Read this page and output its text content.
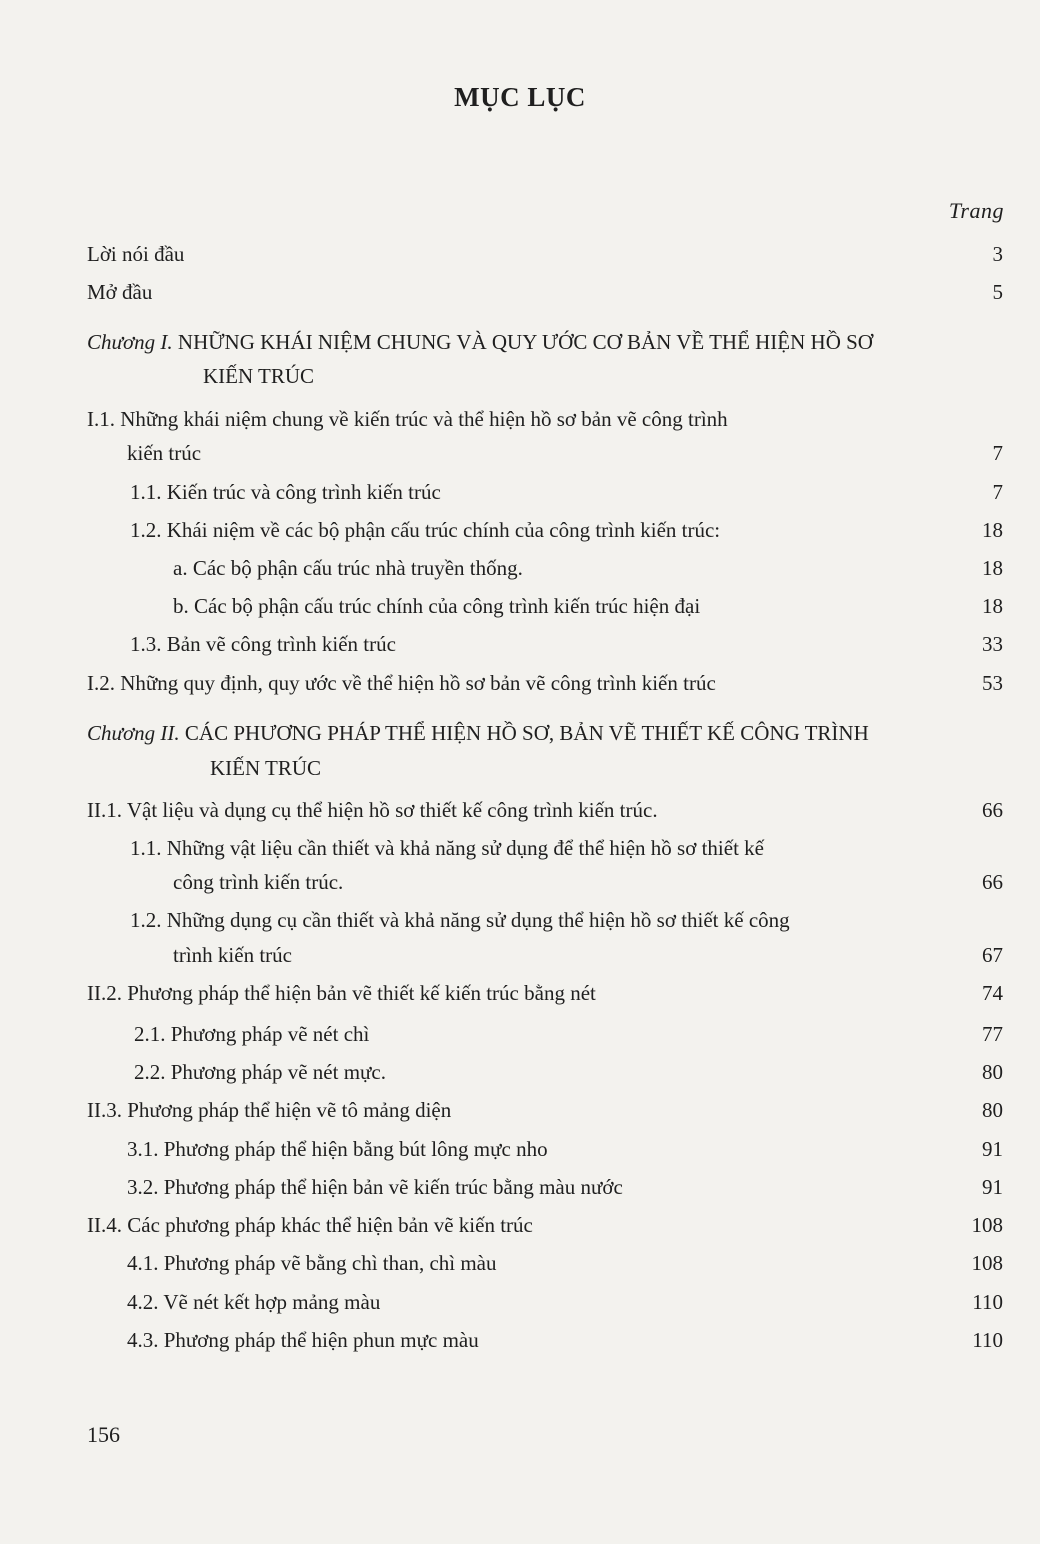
MỤC LỤC
Trang
Lời nói đầu	3
Mở đầu	5
Chương I. NHỮNG KHÁI NIỆM CHUNG VÀ QUY ƯỚC CƠ BẢN VỀ THỂ HIỆN HỒ SƠ
KIẾN TRÚC
I.1. Những khái niệm chung về kiến trúc và thể hiện hồ sơ bản vẽ công trình
kiến trúc	7
1.1. Kiến trúc và công trình kiến trúc	7
1.2. Khái niệm về các bộ phận cấu trúc chính của công trình kiến trúc:	18
a. Các bộ phận cấu trúc nhà truyền thống.	18
b. Các bộ phận cấu trúc chính của công trình kiến trúc hiện đại	18
1.3. Bản vẽ công trình kiến trúc	33
I.2. Những quy định, quy ước về thể hiện hồ sơ bản vẽ công trình kiến trúc	53
Chương II. CÁC PHƯƠNG PHÁP THỂ HIỆN HỒ SƠ, BẢN VẼ THIẾT KẾ CÔNG TRÌNH
KIẾN TRÚC
II.1. Vật liệu và dụng cụ thể hiện hồ sơ thiết kế công trình kiến trúc.	66
1.1. Những vật liệu cần thiết và khả năng sử dụng để thể hiện hồ sơ thiết kế
công trình kiến trúc.	66
1.2. Những dụng cụ cần thiết và khả năng sử dụng thể hiện hồ sơ thiết kế công
trình kiến trúc	67
II.2. Phương pháp thể hiện bản vẽ thiết kế kiến trúc bằng nét	74
2.1. Phương pháp vẽ nét chì	77
2.2. Phương pháp vẽ nét mực.	80
II.3. Phương pháp thể hiện vẽ tô mảng diện	80
3.1. Phương pháp thể hiện bằng bút lông mực nho	91
3.2. Phương pháp thể hiện bản vẽ kiến trúc bằng màu nước	91
II.4. Các phương pháp khác thể hiện bản vẽ kiến trúc	108
4.1. Phương pháp vẽ bằng chì than, chì màu	108
4.2. Vẽ nét kết hợp mảng màu	110
4.3. Phương pháp thể hiện phun mực màu	110
156
